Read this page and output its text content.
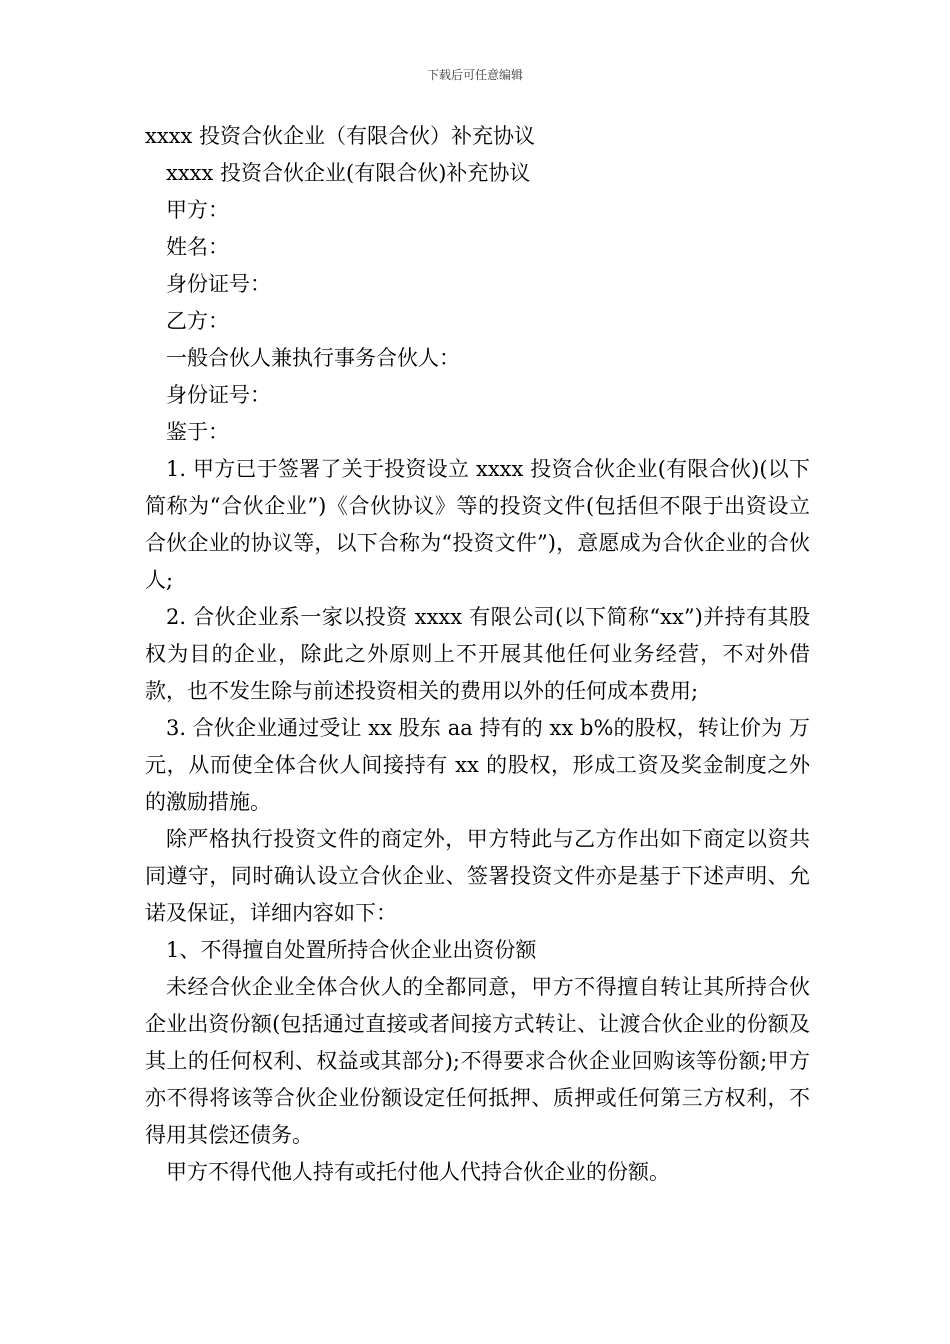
下载后可任意编辑

xxxx 投资合伙企业（有限合伙）补充协议

xxxx 投资合伙企业(有限合伙)补充协议

甲方：

姓名：

身份证号：

乙方：

一般合伙人兼执行事务合伙人：

身份证号：

鉴于：

1. 甲方已于签署了关于投资设立 xxxx 投资合伙企业(有限合伙)(以下简称为“合伙企业”)《合伙协议》等的投资文件(包括但不限于出资设立合伙企业的协议等，以下合称为“投资文件”)，意愿成为合伙企业的合伙人;

2. 合伙企业系一家以投资 xxxx 有限公司(以下简称“xx”)并持有其股权为目的企业，除此之外原则上不开展其他任何业务经营，不对外借款，也不发生除与前述投资相关的费用以外的任何成本费用;

3. 合伙企业通过受让 xx 股东 aa 持有的 xx b%的股权，转让价为 万元，从而使全体合伙人间接持有 xx 的股权，形成工资及奖金制度之外的激励措施。

除严格执行投资文件的商定外，甲方特此与乙方作出如下商定以资共同遵守，同时确认设立合伙企业、签署投资文件亦是基于下述声明、允诺及保证，详细内容如下：

1、不得擅自处置所持合伙企业出资份额

未经合伙企业全体合伙人的全都同意，甲方不得擅自转让其所持合伙企业出资份额(包括通过直接或者间接方式转让、让渡合伙企业的份额及其上的任何权利、权益或其部分);不得要求合伙企业回购该等份额;甲方亦不得将该等合伙企业份额设定任何抵押、质押或任何第三方权利，不得用其偿还债务。

甲方不得代他人持有或托付他人代持合伙企业的份额。
